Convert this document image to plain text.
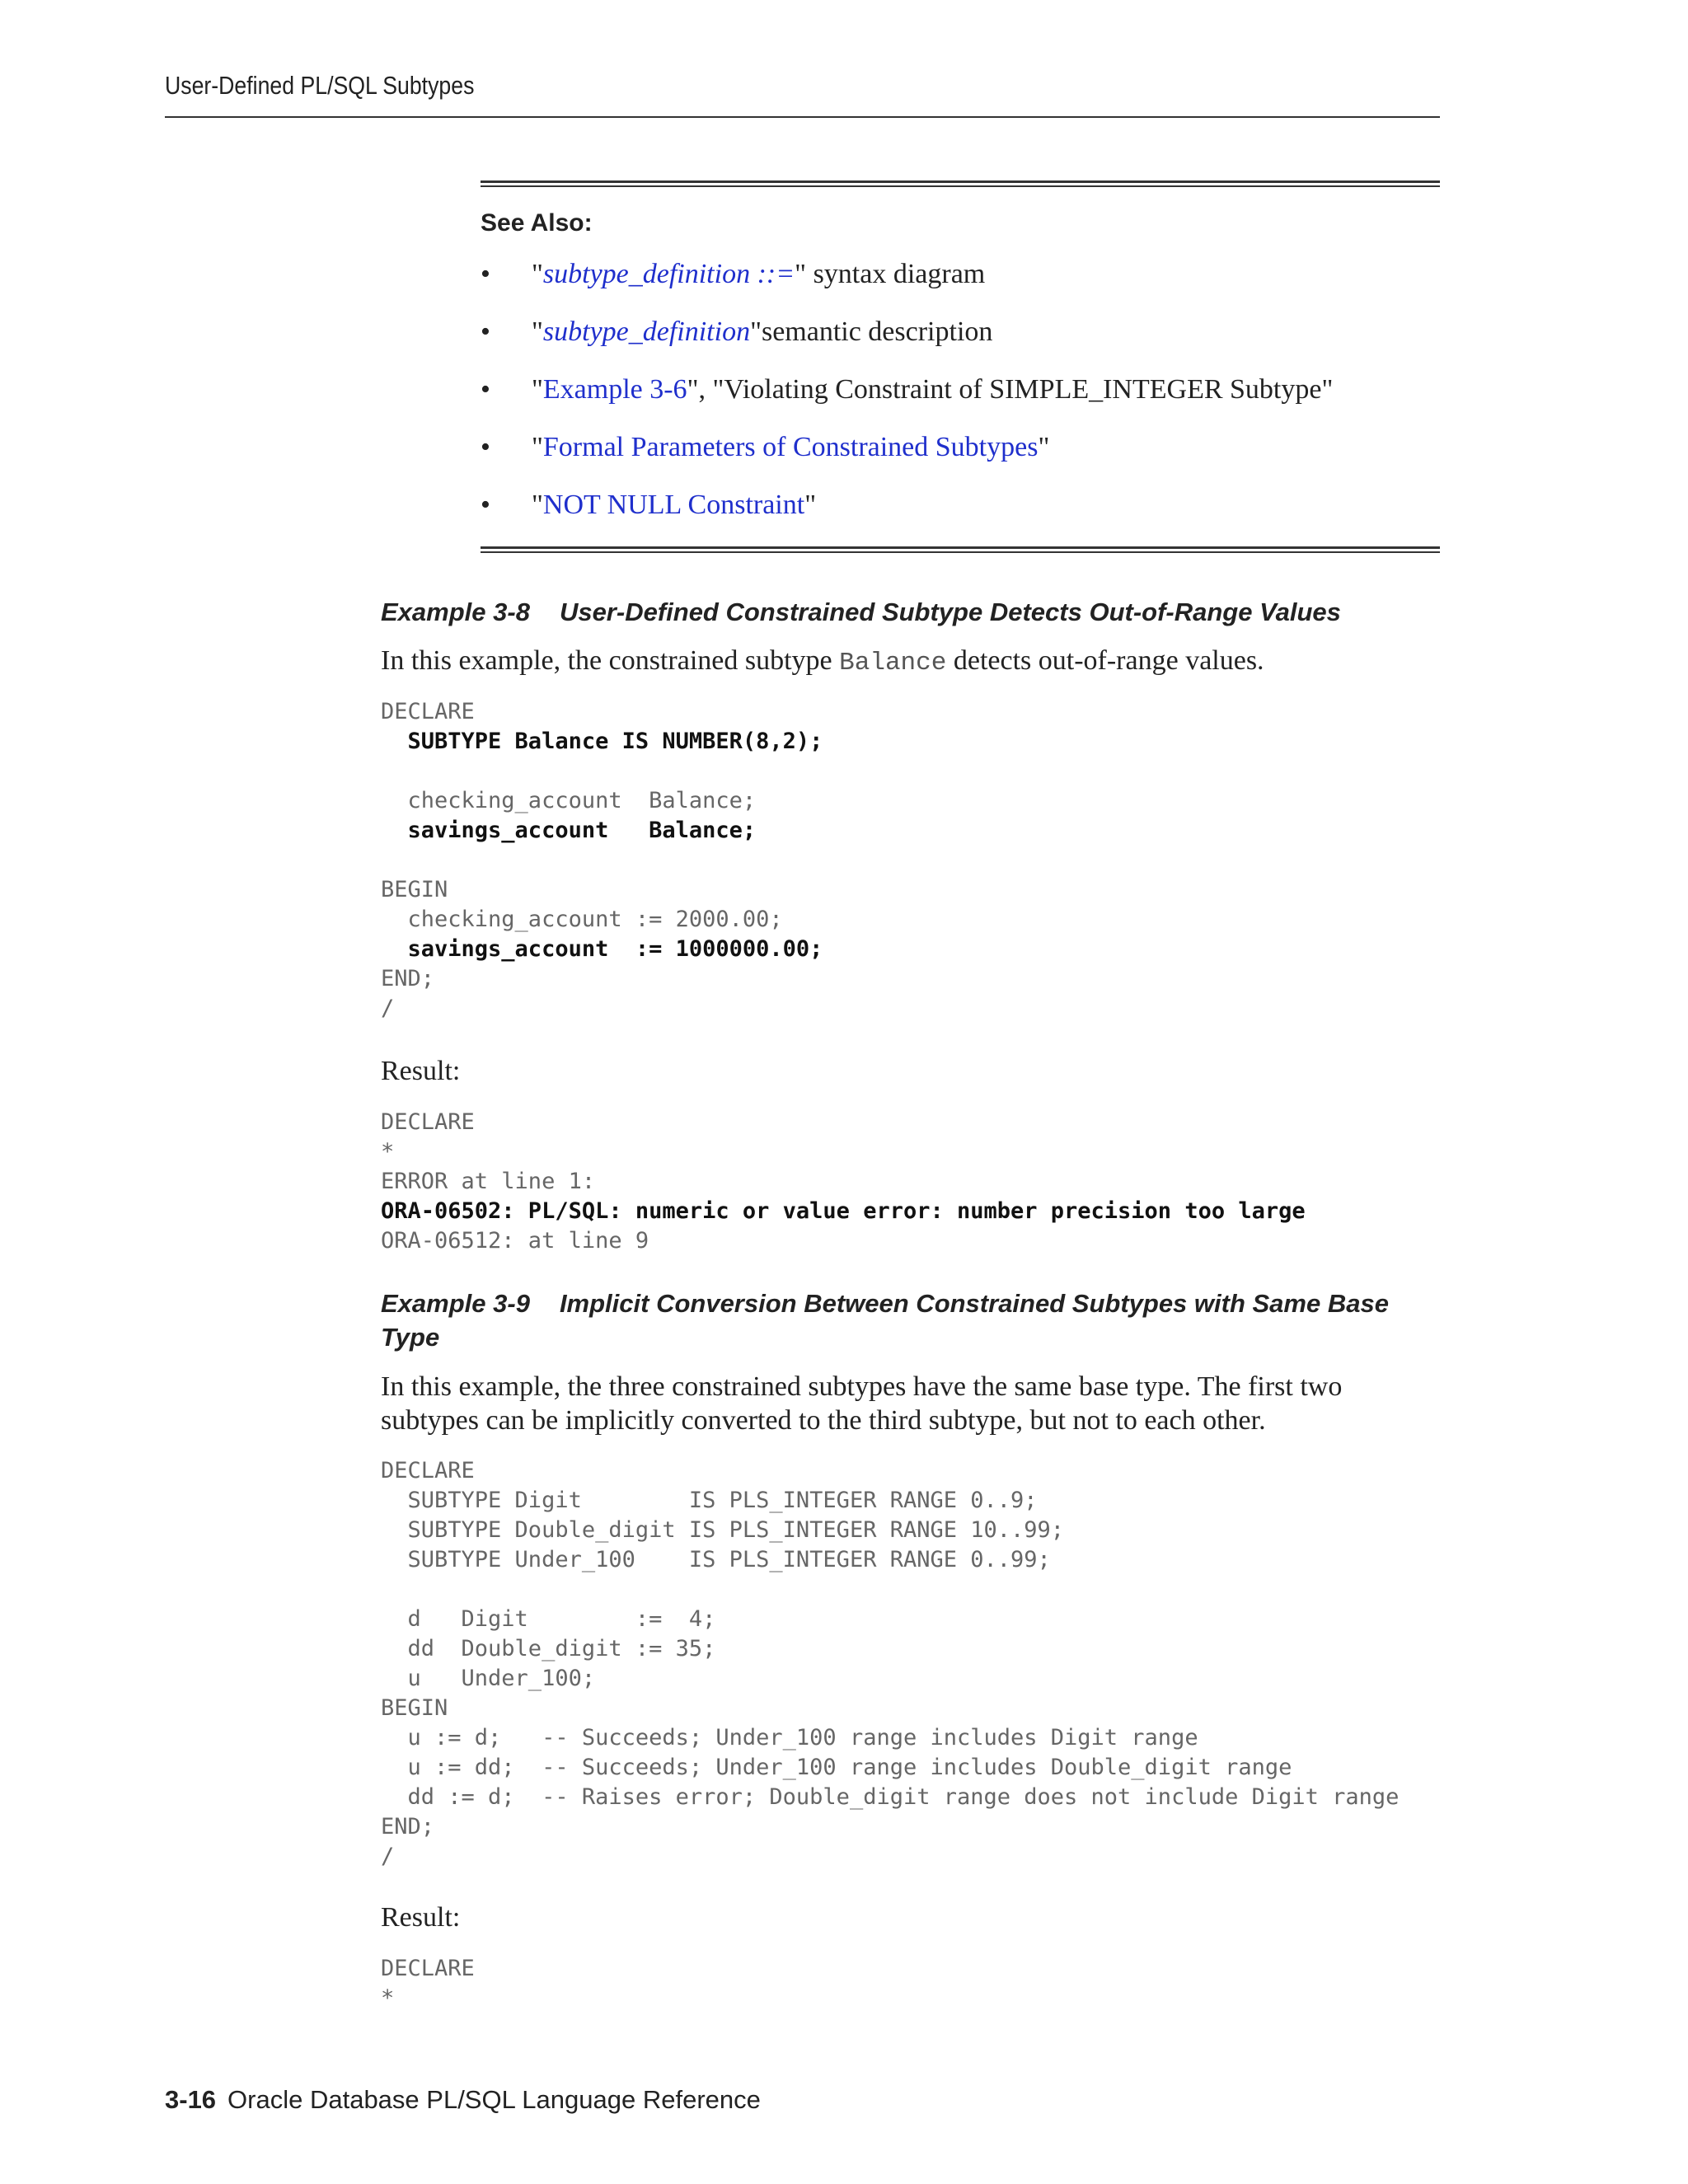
User-Defined PL/SQL Subtypes
See Also:
• "subtype_definition ::=" syntax diagram
• "subtype_definition"semantic description
• "Example 3-6", "Violating Constraint of SIMPLE_INTEGER Subtype"
• "Formal Parameters of Constrained Subtypes"
• "NOT NULL Constraint"
Example 3-8 User-Defined Constrained Subtype Detects Out-of-Range Values
In this example, the constrained subtype Balance detects out-of-range values.
DECLARE
SUBTYPE Balance IS NUMBER(8,2);

checking_account  Balance;
savings_account   Balance;

BEGIN
checking_account := 2000.00;
savings_account  := 1000000.00;
END;
/
Result:
DECLARE
*
ERROR at line 1:
ORA-06502: PL/SQL: numeric or value error: number precision too large
ORA-06512: at line 9
Example 3-9 Implicit Conversion Between Constrained Subtypes with Same Base
Type
In this example, the three constrained subtypes have the same base type. The first two
subtypes can be implicitly converted to the third subtype, but not to each other.
DECLARE
SUBTYPE Digit        IS PLS_INTEGER RANGE 0..9;
SUBTYPE Double_digit IS PLS_INTEGER RANGE 10..99;
SUBTYPE Under_100    IS PLS_INTEGER RANGE 0..99;

d   Digit        :=  4;
dd  Double_digit := 35;
u   Under_100;
BEGIN
u := d;   -- Succeeds; Under_100 range includes Digit range
u := dd;  -- Succeeds; Under_100 range includes Double_digit range
dd := d;  -- Raises error; Double_digit range does not include Digit range
END;
/
Result:
DECLARE
*
3-16 Oracle Database PL/SQL Language Reference
